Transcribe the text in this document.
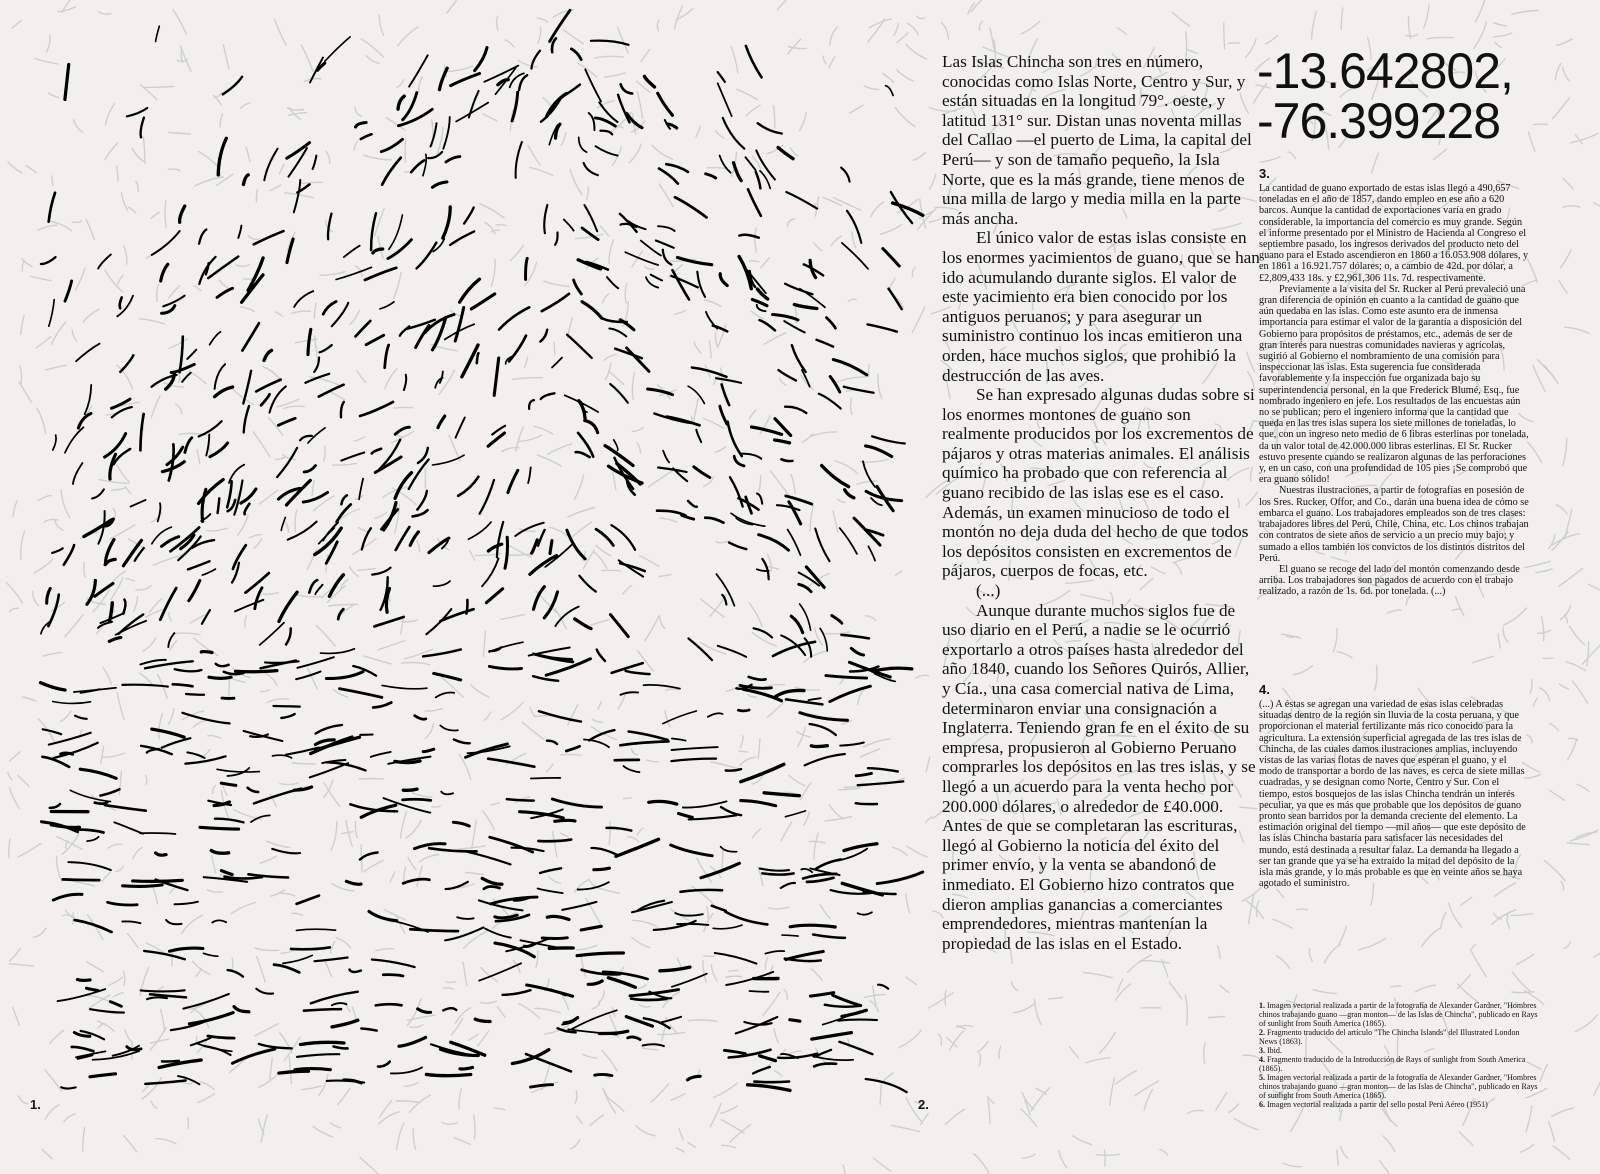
1.	2.

Las Islas Chincha son tres en número, conocidas como Islas Norte, Centro y Sur, y están situadas en la longitud 79°. oeste, y latitud 131° sur. Distan unas noventa millas del Callao —el puerto de Lima, la capital del Perú— y son de tamaño pequeño, la Isla Norte, que es la más grande, tiene menos de una milla de largo y media milla en la parte más ancha.

El único valor de estas islas consiste en los enormes yacimientos de guano, que se han ido acumulando durante siglos. El valor de este yacimiento era bien conocido por los antiguos peruanos; y para asegurar un suministro continuo los incas emitieron una orden, hace muchos siglos, que prohibió la destrucción de las aves.

Se han expresado algunas dudas sobre si los enormes montones de guano son realmente producidos por los excrementos de pájaros y otras materias animales. El análisis químico ha probado que con referencia al guano recibido de las islas ese es el caso. Además, un examen minucioso de todo el montón no deja duda del hecho de que todos los depósitos consisten en excrementos de pájaros, cuerpos de focas, etc.

(...)

Aunque durante muchos siglos fue de uso diario en el Perú, a nadie se le ocurrió exportarlo a otros países hasta alrededor del año 1840, cuando los Señores Quirós, Allier, y Cía., una casa comercial nativa de Lima, determinaron enviar una consignación a Inglaterra. Teniendo gran fe en el éxito de su empresa, propusieron al Gobierno Peruano comprarles los depósitos en las tres islas, y se llegó a un acuerdo para la venta hecho por 200.000 dólares, o alrededor de £40.000. Antes de que se completaran las escrituras, llegó al Gobierno la noticia del éxito del primer envío, y la venta se abandonó de inmediato. El Gobierno hizo contratos que dieron amplias ganancias a comerciantes emprendedores, mientras mantenían la propiedad de las islas en el Estado.

-13.642802,
-76.399228
3.

La cantidad de guano exportado de estas islas llegó a 490,657 toneladas en el año de 1857, dando empleo en ese año a 620 barcos. Aunque la cantidad de exportaciones varía en grado considerable, la importancia del comercio es muy grande. Según el informe presentado por el Ministro de Hacienda al Congreso el septiembre pasado, los ingresos derivados del producto neto del guano para el Estado ascendieron en 1860 a 16.053.908 dólares, y en 1861 a 16.921.757 dólares; o, a cambio de 42d. por dólar, a £2,809,433 18s. y £2,961,306 11s. 7d. respectivamente.

Previamente a la visita del Sr. Rucker al Perú prevaleció una gran diferencia de opinión en cuanto a la cantidad de guano que aún quedaba en las islas. Como este asunto era de inmensa importancia para estimar el valor de la garantía a disposición del Gobierno para propósitos de préstamos, etc., además de ser de gran interés para nuestras comunidades navieras y agrícolas, sugirió al Gobierno el nombramiento de una comisión para inspeccionar las islas. Esta sugerencia fue considerada favorablemente y la inspección fue organizada bajo su superintendencia personal, en la que Frederick Blumé, Esq., fue nombrado ingeniero en jefe. Los resultados de las encuestas aún no se publican; pero el ingeniero informa que la cantidad que queda en las tres islas supera los siete millones de toneladas, lo que, con un ingreso neto medio de 6 libras esterlinas por tonelada, da un valor total de 42.000.000 libras esterlinas. El Sr. Rucker estuvo presente cuando se realizaron algunas de las perforaciones y, en un caso, con una profundidad de 105 pies ¡Se comprobó que era guano sólido!

Nuestras ilustraciones, a partir de fotografías en posesión de los Sres. Rucker, Offor, and Co., darán una buena idea de cómo se embarca el guano. Los trabajadores empleados son de tres clases: trabajadores libres del Perú, Chile, China, etc. Los chinos trabajan con contratos de siete años de servicio a un precio muy bajo; y sumado a ellos también los convictos de los distintos distritos del Perú.

El guano se recoge del lado del montón comenzando desde arriba. Los trabajadores son pagados de acuerdo con el trabajo realizado, a razón de 1s. 6d. por tonelada. (...)

4.

(...) A éstas se agregan una variedad de esas islas celebradas situadas dentro de la región sin lluvia de la costa peruana, y que proporcionan el material fertilizante más rico conocido para la agricultura. La extensión superficial agregada de las tres islas de Chincha, de las cuales damos ilustraciones amplias, incluyendo vistas de las varias flotas de naves que esperan el guano, y el modo de transportar a bordo de las naves, es cerca de siete millas cuadradas, y se designan como Norte, Centro y Sur. Con el tiempo, estos bosquejos de las islas Chincha tendrán un interés peculiar, ya que es más que probable que los depósitos de guano pronto sean barridos por la demanda creciente del elemento. La estimación original del tiempo —mil años— que este depósito de las islas Chincha bastaría para satisfacer las necesidades del mundo, está destinada a resultar falaz. La demanda ha llegado a ser tan grande que ya se ha extraído la mitad del depósito de la isla más grande, y lo más probable es que en veinte años se haya agotado el suministro.

1. Imagen vectorial realizada a partir de la fotografía de Alexander Gardner, "Hombres chinos trabajando guano —gran monton— de las Islas de Chincha", publicado en Rays of sunlight from South America (1865).

2. Fragmento traducido del artículo "The Chincha Islands" del Illustrated London News (1863).

3. Ibid.

4. Fragmento traducido de la Introducción de Rays of sunlight from South America (1865).

5. Imagen vectorial realizada a partir de la fotografía de Alexander Gardner, "Hombres chinos trabajando guano —gran monton— de las Islas de Chincha", publicado en Rays of sunlight from South America (1865).

6. Imagen vectorial realizada a partir del sello postal Perú Aéreo (1951)
